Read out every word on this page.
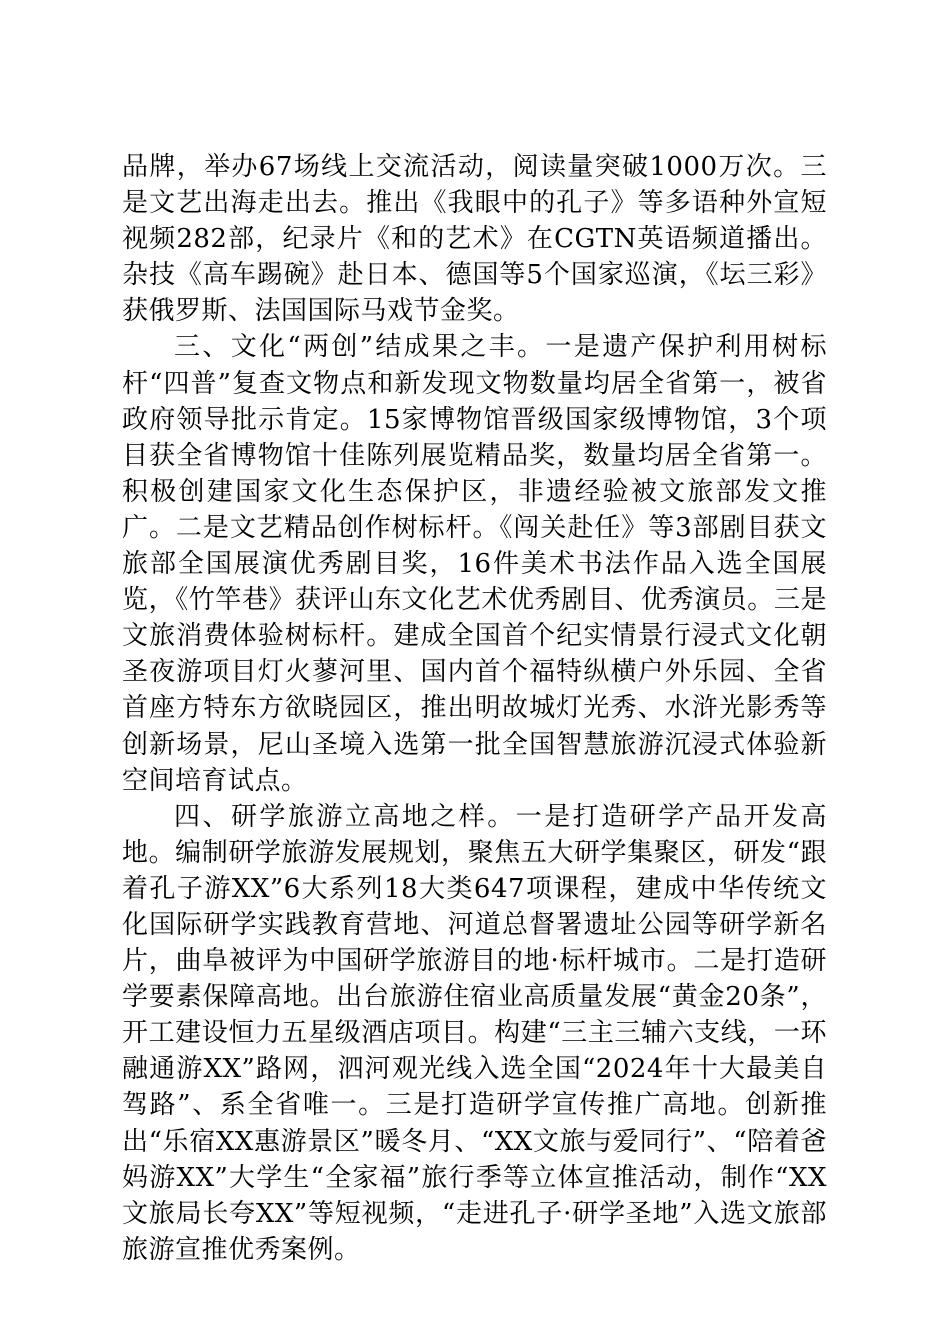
品牌，举办67场线上交流活动，阅读量突破1000万次。三是文艺出海走出去。推出《我眼中的孔子》等多语种外宣短视频282部，纪录片《和的艺术》在CGTN英语频道播出。杂技《高车踢碗》赴日本、德国等5个国家巡演，《坛三彩》获俄罗斯、法国国际马戏节金奖。

三、文化“两创”结成果之丰。一是遗产保护利用树标杆“四普”复查文物点和新发现文物数量均居全省第一，被省政府领导批示肯定。15家博物馆晋级国家级博物馆，3个项目获全省博物馆十佳陈列展览精品奖，数量均居全省第一。积极创建国家文化生态保护区，非遗经验被文旅部发文推广。二是文艺精品创作树标杆。《闯关赴任》等3部剧目获文旅部全国展演优秀剧目奖，16件美术书法作品入选全国展览，《竹竿巷》获评山东文化艺术优秀剧目、优秀演员。三是文旅消费体验树标杆。建成全国首个纪实情景行浸式文化朝圣夜游项目灯火蓼河里、国内首个福特纵横户外乐园、全省首座方特东方欲晓园区，推出明故城灯光秀、水浒光影秀等创新场景，尼山圣境入选第一批全国智慧旅游沉浸式体验新空间培育试点。

四、研学旅游立高地之样。一是打造研学产品开发高地。编制研学旅游发展规划，聚焦五大研学集聚区，研发“跟着孔子游XX”6大系列18大类647项课程，建成中华传统文化国际研学实践教育营地、河道总督署遗址公园等研学新名片，曲阜被评为中国研学旅游目的地·标杆城市。二是打造研学要素保障高地。出台旅游住宿业高质量发展“黄金20条”，开工建设恒力五星级酒店项目。构建“三主三辅六支线，一环融通游XX”路网，泗河观光线入选全国“2024年十大最美自驾路”、系全省唯一。三是打造研学宣传推广高地。创新推出“乐宿XX惠游景区”暖冬月、“XX文旅与爱同行”、“陪着爸妈游XX”大学生“全家福”旅行季等立体宣推活动，制作“XX文旅局长夸XX”等短视频，“走进孔子·研学圣地”入选文旅部旅游宣推优秀案例。
